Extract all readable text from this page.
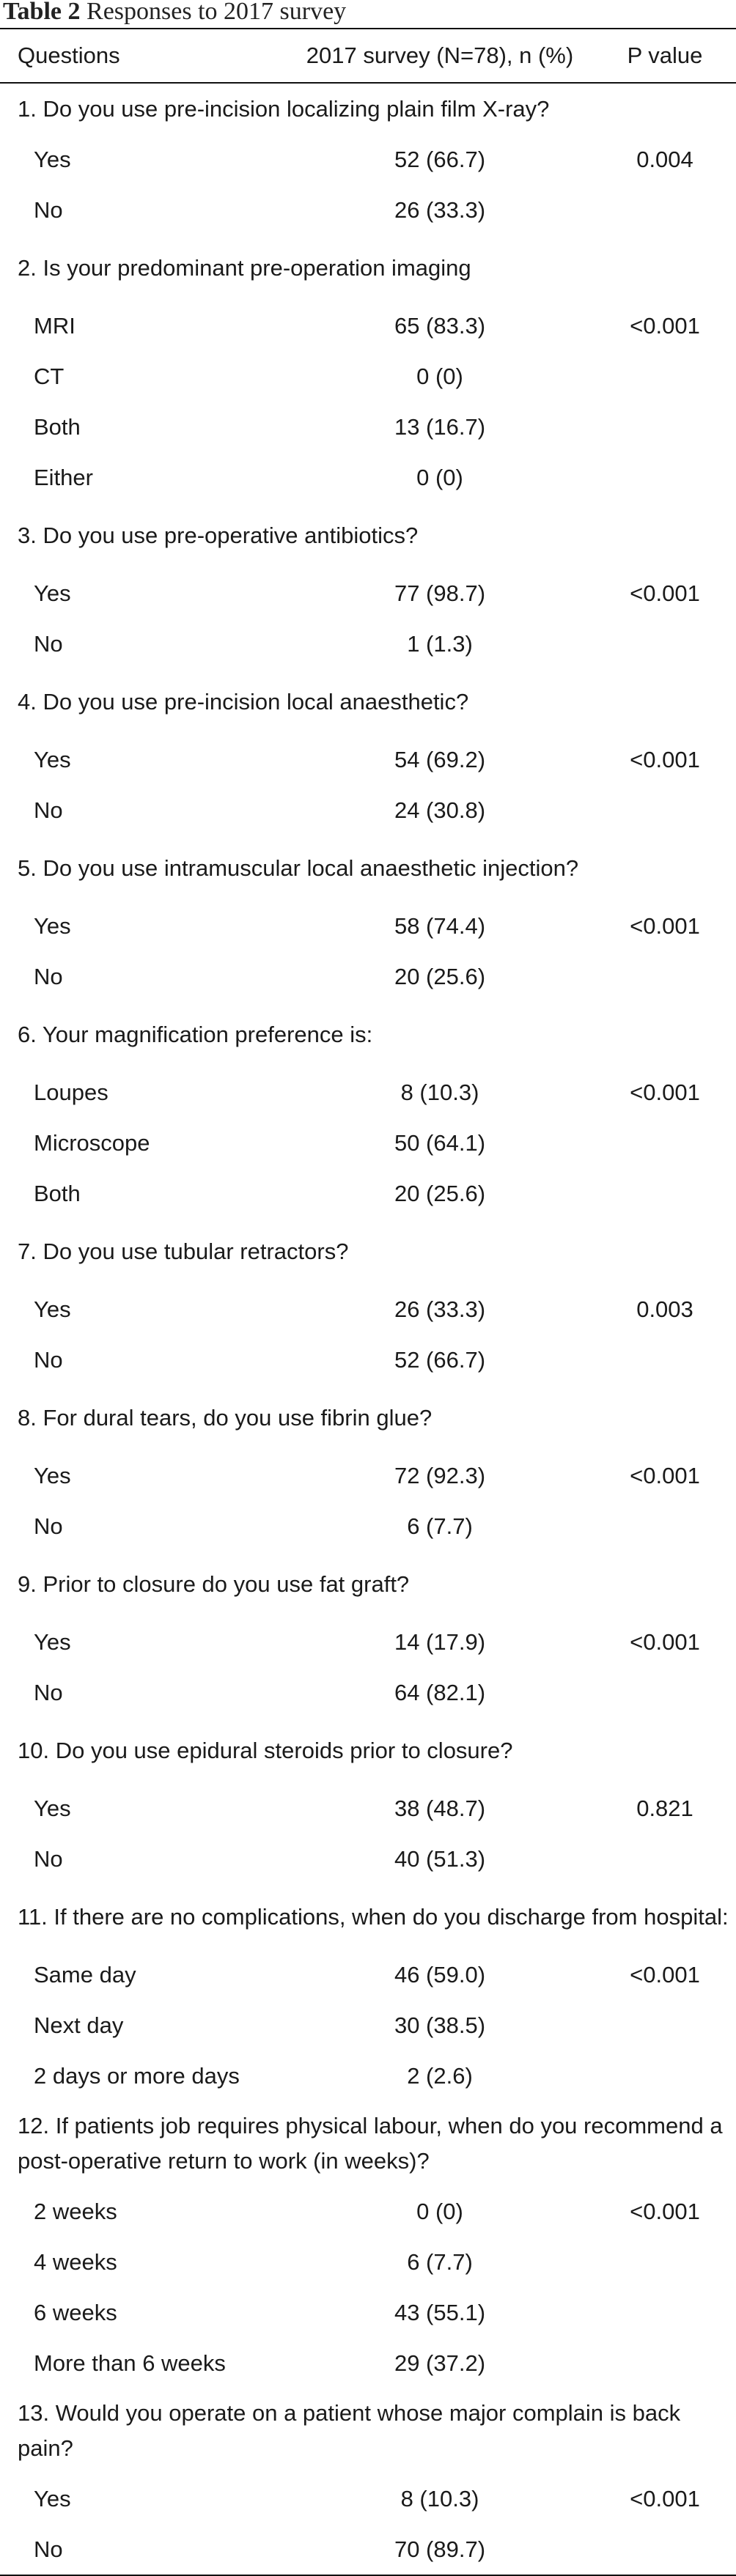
Table 2 Responses to 2017 survey
Questions	2017 survey (N=78), n (%)	P value

1. Do you use pre-incision localizing plain film X-ray?		
Yes	52 (66.7)	0.004
No	26 (33.3)	
2. Is your predominant pre-operation imaging		
MRI	65 (83.3)	<0.001
CT	0 (0)	
Both	13 (16.7)	
Either	0 (0)	
3. Do you use pre-operative antibiotics?		
Yes	77 (98.7)	<0.001
No	1 (1.3)	
4. Do you use pre-incision local anaesthetic?		
Yes	54 (69.2)	<0.001
No	24 (30.8)	
5. Do you use intramuscular local anaesthetic injection?		
Yes	58 (74.4)	<0.001
No	20 (25.6)	
6. Your magnification preference is:		
Loupes	8 (10.3)	<0.001
Microscope	50 (64.1)	
Both	20 (25.6)	
7. Do you use tubular retractors?		
Yes	26 (33.3)	0.003
No	52 (66.7)	
8. For dural tears, do you use fibrin glue?		
Yes	72 (92.3)	<0.001
No	6 (7.7)	
9. Prior to closure do you use fat graft?		
Yes	14 (17.9)	<0.001
No	64 (82.1)	
10. Do you use epidural steroids prior to closure?		
Yes	38 (48.7)	0.821
No	40 (51.3)	
11. If there are no complications, when do you discharge from hospital:		
Same day	46 (59.0)	<0.001
Next day	30 (38.5)	
2 days or more days	2 (2.6)	
12. If patients job requires physical labour, when do you recommend a post-operative return to work (in weeks)?		
2 weeks	0 (0)	<0.001
4 weeks	6 (7.7)	
6 weeks	43 (55.1)	
More than 6 weeks	29 (37.2)	
13. Would you operate on a patient whose major complain is back pain?		
Yes	8 (10.3)	<0.001
No	70 (89.7)	
